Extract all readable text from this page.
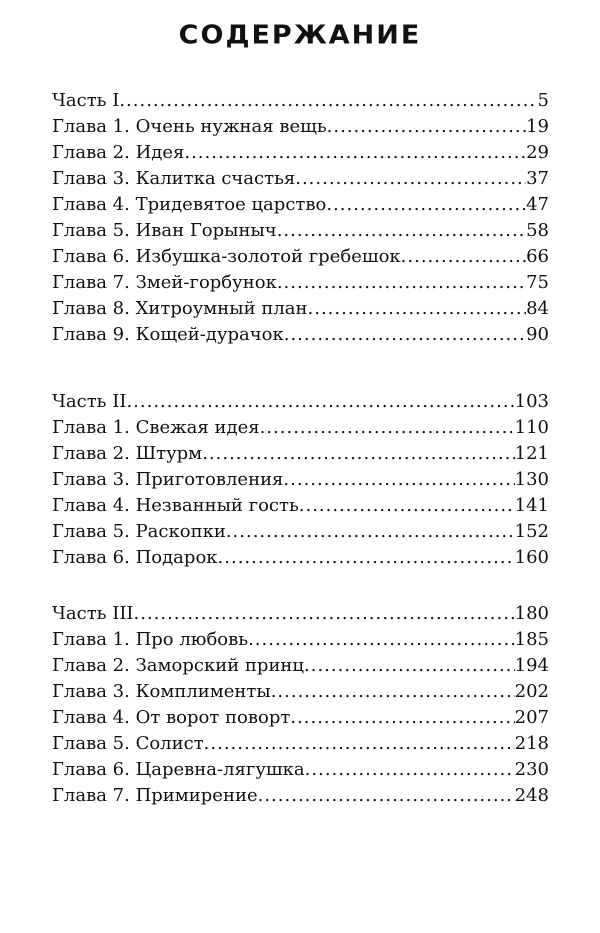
СОДЕРЖАНИЕ
Часть I .....	5
Глава 1. Очень нужная вещь .....	19
Глава 2. Идея .....	29
Глава 3. Калитка счастья .....	37
Глава 4. Тридевятое царство .....	47
Глава 5. Иван Горыныч .....	58
Глава 6. Избушка-золотой гребешок .....	66
Глава 7. Змей-горбунок .....	75
Глава 8. Хитроумный план .....	84
Глава 9. Кощей-дурачок .....	90
Часть II .....	103
Глава 1. Свежая идея .....	110
Глава 2. Штурм .....	121
Глава 3. Приготовления .....	130
Глава 4. Незванный гость .....	141
Глава 5. Раскопки .....	152
Глава 6. Подарок .....	160
Часть III .....	180
Глава 1. Про любовь .....	185
Глава 2. Заморский принц .....	194
Глава 3. Комплименты .....	202
Глава 4. От ворот поворт .....	207
Глава 5. Солист .....	218
Глава 6. Царевна-лягушка .....	230
Глава 7. Примирение .....	248
